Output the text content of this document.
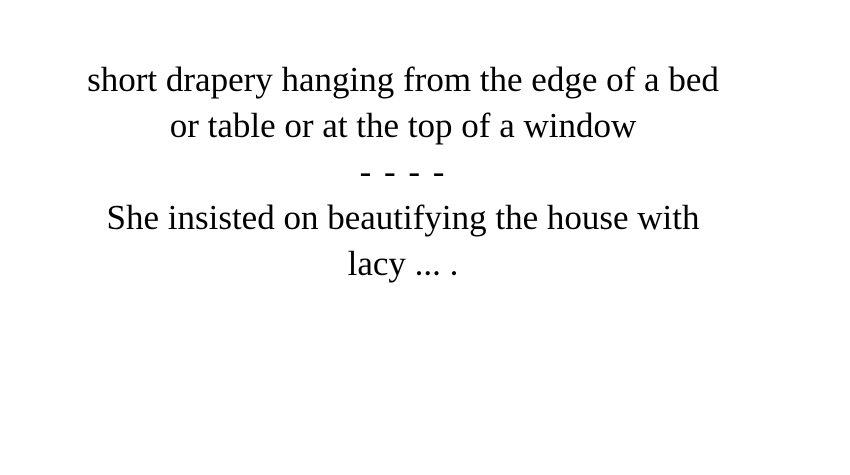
short drapery hanging from the edge of a bed
or table or at the top of a window
- - - -
She insisted on beautifying the house with
lacy ... .
